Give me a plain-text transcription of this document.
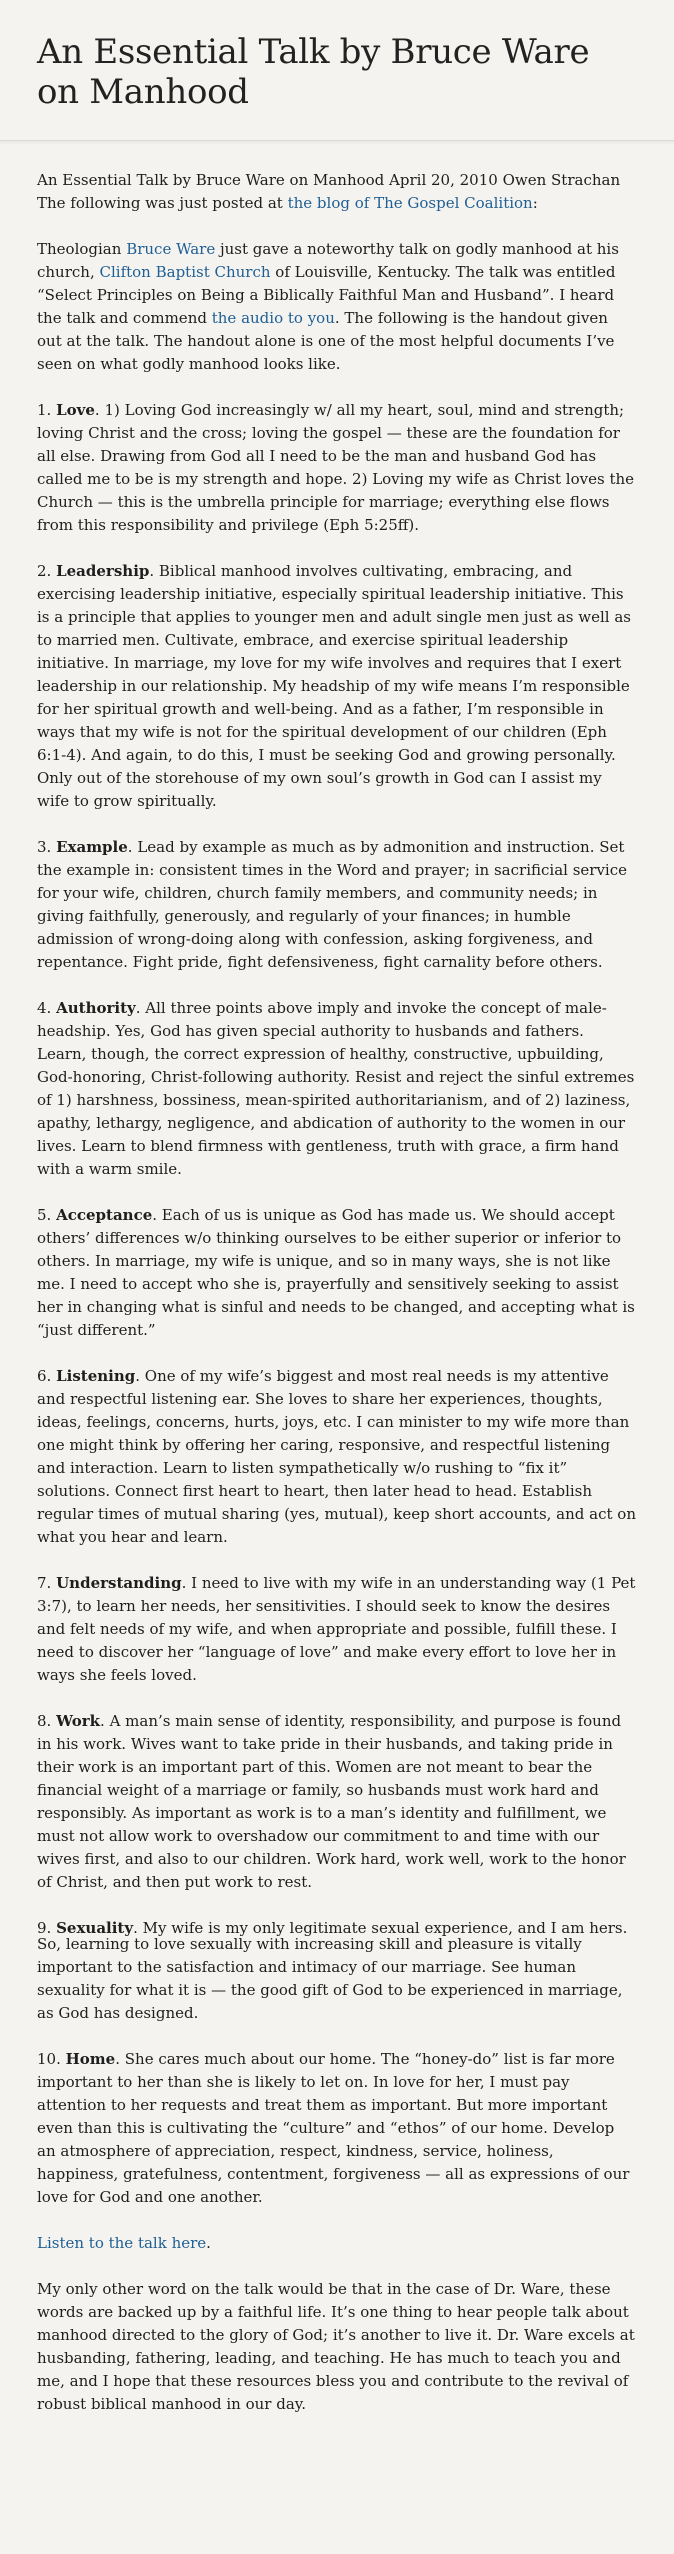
An Essential Talk by Bruce Ware on Manhood

An Essential Talk by Bruce Ware on Manhood April 20, 2010 Owen Strachan
The following was just posted at the blog of The Gospel Coalition:

Theologian Bruce Ware just gave a noteworthy talk on godly manhood at his church, Clifton Baptist Church of Louisville, Kentucky. The talk was entitled “Select Principles on Being a Biblically Faithful Man and Husband”. I heard the talk and commend the audio to you. The following is the handout given out at the talk. The handout alone is one of the most helpful documents I’ve seen on what godly manhood looks like.

1. Love. 1) Loving God increasingly w/ all my heart, soul, mind and strength; loving Christ and the cross; loving the gospel — these are the foundation for all else. Drawing from God all I need to be the man and husband God has called me to be is my strength and hope. 2) Loving my wife as Christ loves the Church — this is the umbrella principle for marriage; everything else flows from this responsibility and privilege (Eph 5:25ff).

2. Leadership. Biblical manhood involves cultivating, embracing, and exercising leadership initiative, especially spiritual leadership initiative. This is a principle that applies to younger men and adult single men just as well as to married men. Cultivate, embrace, and exercise spiritual leadership initiative. In marriage, my love for my wife involves and requires that I exert leadership in our relationship. My headship of my wife means I’m responsible for her spiritual growth and well-being. And as a father, I’m responsible in ways that my wife is not for the spiritual development of our children (Eph 6:1-4). And again, to do this, I must be seeking God and growing personally. Only out of the storehouse of my own soul’s growth in God can I assist my wife to grow spiritually.

3. Example. Lead by example as much as by admonition and instruction. Set the example in: consistent times in the Word and prayer; in sacrificial service for your wife, children, church family members, and community needs; in giving faithfully, generously, and regularly of your finances; in humble admission of wrong-doing along with confession, asking forgiveness, and repentance. Fight pride, fight defensiveness, fight carnality before others.

4. Authority. All three points above imply and invoke the concept of male-headship. Yes, God has given special authority to husbands and fathers. Learn, though, the correct expression of healthy, constructive, upbuilding, God-honoring, Christ-following authority. Resist and reject the sinful extremes of 1) harshness, bossiness, mean-spirited authoritarianism, and of 2) laziness, apathy, lethargy, negligence, and abdication of authority to the women in our lives. Learn to blend firmness with gentleness, truth with grace, a firm hand with a warm smile.

5. Acceptance. Each of us is unique as God has made us. We should accept others’ differences w/o thinking ourselves to be either superior or inferior to others. In marriage, my wife is unique, and so in many ways, she is not like me. I need to accept who she is, prayerfully and sensitively seeking to assist her in changing what is sinful and needs to be changed, and accepting what is “just different.”

6. Listening. One of my wife’s biggest and most real needs is my attentive and respectful listening ear. She loves to share her experiences, thoughts, ideas, feelings, concerns, hurts, joys, etc. I can minister to my wife more than one might think by offering her caring, responsive, and respectful listening and interaction. Learn to listen sympathetically w/o rushing to “fix it” solutions. Connect first heart to heart, then later head to head. Establish regular times of mutual sharing (yes, mutual), keep short accounts, and act on what you hear and learn.

7. Understanding. I need to live with my wife in an understanding way (1 Pet 3:7), to learn her needs, her sensitivities. I should seek to know the desires and felt needs of my wife, and when appropriate and possible, fulfill these. I need to discover her “language of love” and make every effort to love her in ways she feels loved.

8. Work. A man’s main sense of identity, responsibility, and purpose is found in his work. Wives want to take pride in their husbands, and taking pride in their work is an important part of this. Women are not meant to bear the financial weight of a marriage or family, so husbands must work hard and responsibly. As important as work is to a man’s identity and fulfillment, we must not allow work to overshadow our commitment to and time with our wives first, and also to our children. Work hard, work well, work to the honor of Christ, and then put work to rest.

9. Sexuality. My wife is my only legitimate sexual experience, and I am hers.
So, learning to love sexually with increasing skill and pleasure is vitally important to the satisfaction and intimacy of our marriage. See human sexuality for what it is — the good gift of God to be experienced in marriage, as God has designed.

10. Home. She cares much about our home. The “honey-do” list is far more important to her than she is likely to let on. In love for her, I must pay attention to her requests and treat them as important. But more important even than this is cultivating the “culture” and “ethos” of our home. Develop an atmosphere of appreciation, respect, kindness, service, holiness, happiness, gratefulness, contentment, forgiveness — all as expressions of our love for God and one another.

Listen to the talk here.

My only other word on the talk would be that in the case of Dr. Ware, these words are backed up by a faithful life. It’s one thing to hear people talk about manhood directed to the glory of God; it’s another to live it. Dr. Ware excels at husbanding, fathering, leading, and teaching. He has much to teach you and me, and I hope that these resources bless you and contribute to the revival of robust biblical manhood in our day.
